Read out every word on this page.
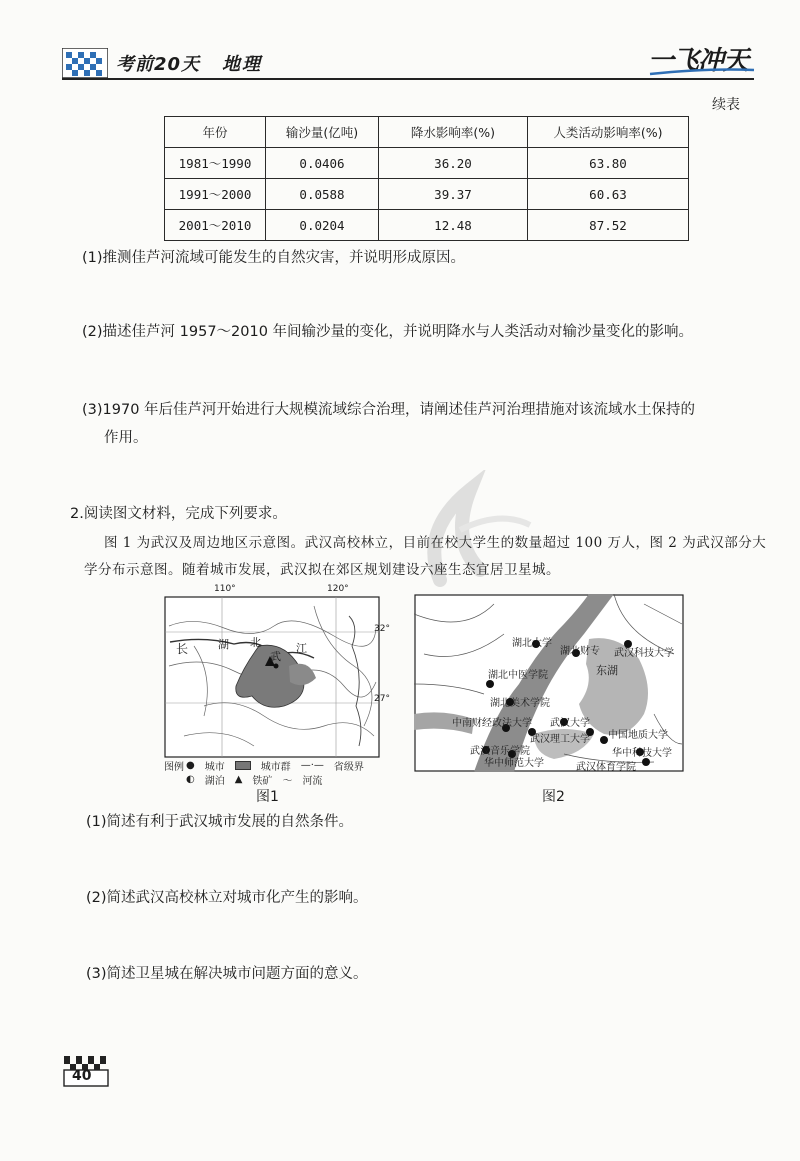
考前20天 地理	一飞冲天
续表
年份	输沙量(亿吨)	降水影响率(%)	人类活动影响率(%)
1981～1990	0.0406	36.20	63.80
1991～2000	0.0588	39.37	60.63
2001～2010	0.0204	12.48	87.52
(1)推测佳芦河流域可能发生的自然灾害，并说明形成原因。
(2)描述佳芦河 1957～2010 年间输沙量的变化，并说明降水与人类活动对输沙量变化的影响。
(3)1970 年后佳芦河开始进行大规模流域综合治理，请阐述佳芦河治理措施对该流域水土保持的
作用。
2.阅读图文材料，完成下列要求。
图 1 为武汉及周边地区示意图。武汉高校林立，目前在校大学生的数量超过 100 万人，图 2 为武汉部分大学分布示意图。随着城市发展，武汉拟在郊区规划建设六座生态宜居卫星城。
110°	120°
32°
27°
长	湖 北
武
江
图例 ● 城市	城市群 —·— 省级界
◐ 湖泊 ▲ 铁矿 ～ 河流
图1
湖北大学
湖北财专 武汉科技大学
湖北中医学院
湖北美术学院
东湖
中南财经政法大学 武汉大学
武汉理工大学 中国地质大学
武汉音乐学院	华中科技大学
华中师范大学	武汉体育学院
图2
(1)简述有利于武汉城市发展的自然条件。
(2)简述武汉高校林立对城市化产生的影响。
(3)简述卫星城在解决城市问题方面的意义。
40
